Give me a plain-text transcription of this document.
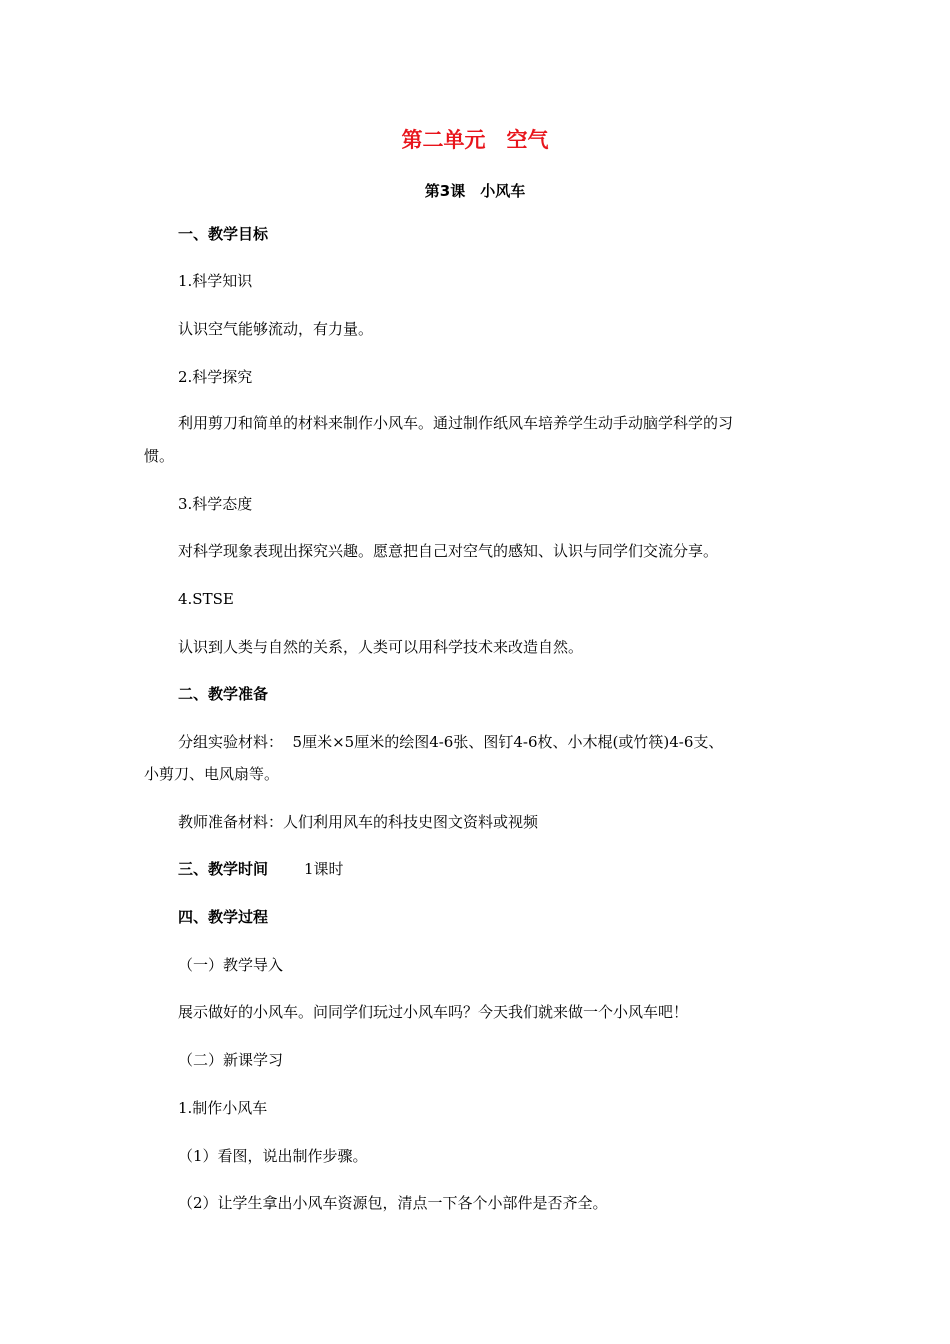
第二单元　空气
第3课　小风车
一、教学目标
1.科学知识
认识空气能够流动，有力量。
2.科学探究
利用剪刀和简单的材料来制作小风车。通过制作纸风车培养学生动手动脑学科学的习
惯。
3.科学态度
对科学现象表现出探究兴趣。愿意把自己对空气的感知、认识与同学们交流分享。
4.STSE
认识到人类与自然的关系，人类可以用科学技术来改造自然。
二、教学准备
分组实验材料：  5厘米×5厘米的绘图4-6张、图钉4-6枚、小木棍(或竹筷)4-6支、
小剪刀、电风扇等。
教师准备材料：人们利用风车的科技史图文资料或视频
三、教学时间 1课时
四、教学过程
（一）教学导入
展示做好的小风车。问同学们玩过小风车吗？今天我们就来做一个小风车吧！
（二）新课学习
1.制作小风车
（1）看图，说出制作步骤。
（2）让学生拿出小风车资源包，清点一下各个小部件是否齐全。
